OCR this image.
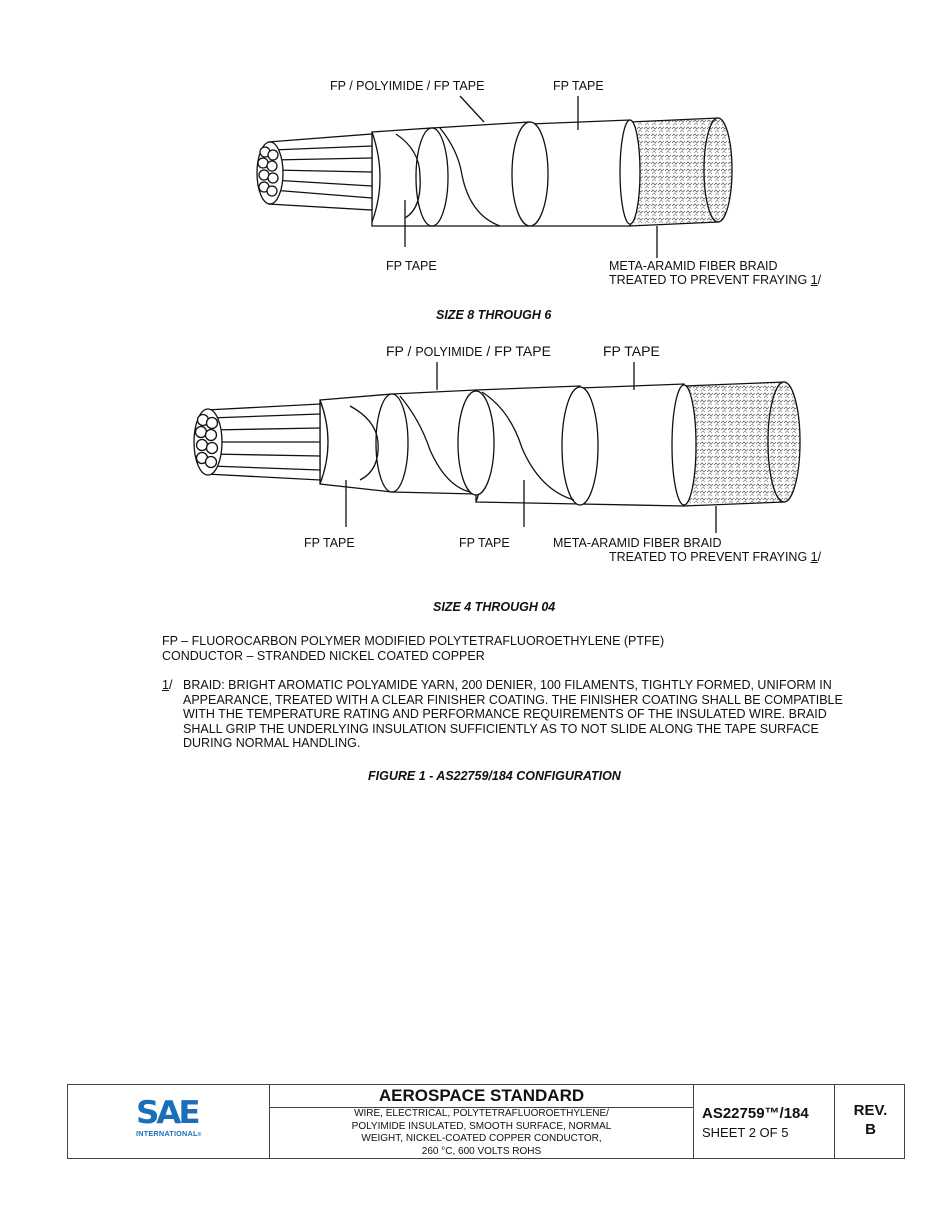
FP / POLYIMIDE / FP TAPE	FP TAPE
FP TAPE	META-ARAMID FIBER BRAID
TREATED TO PREVENT FRAYING 1/
SIZE 8 THROUGH 6
FP / POLYIMIDE / FP TAPE	FP TAPE
FP TAPE	FP TAPE	META-ARAMID FIBER BRAID
TREATED TO PREVENT FRAYING 1/
SIZE 4 THROUGH 04
FP – FLUOROCARBON POLYMER MODIFIED POLYTETRAFLUOROETHYLENE (PTFE)
CONDUCTOR – STRANDED NICKEL COATED COPPER
1/ BRAID: BRIGHT AROMATIC POLYAMIDE YARN, 200 DENIER, 100 FILAMENTS, TIGHTLY FORMED, UNIFORM IN
APPEARANCE, TREATED WITH A CLEAR FINISHER COATING. THE FINISHER COATING SHALL BE COMPATIBLE
WITH THE TEMPERATURE RATING AND PERFORMANCE REQUIREMENTS OF THE INSULATED WIRE. BRAID
SHALL GRIP THE UNDERLYING INSULATION SUFFICIENTLY AS TO NOT SLIDE ALONG THE TAPE SURFACE
DURING NORMAL HANDLING.
FIGURE 1 - AS22759/184 CONFIGURATION
SAE
INTERNATIONAL®
AEROSPACE STANDARD
WIRE, ELECTRICAL, POLYTETRAFLUOROETHYLENE/
POLYIMIDE INSULATED, SMOOTH SURFACE, NORMAL
WEIGHT, NICKEL-COATED COPPER CONDUCTOR,
260 °C, 600 VOLTS ROHS
AS22759™/184
SHEET 2 OF 5
REV.
B
